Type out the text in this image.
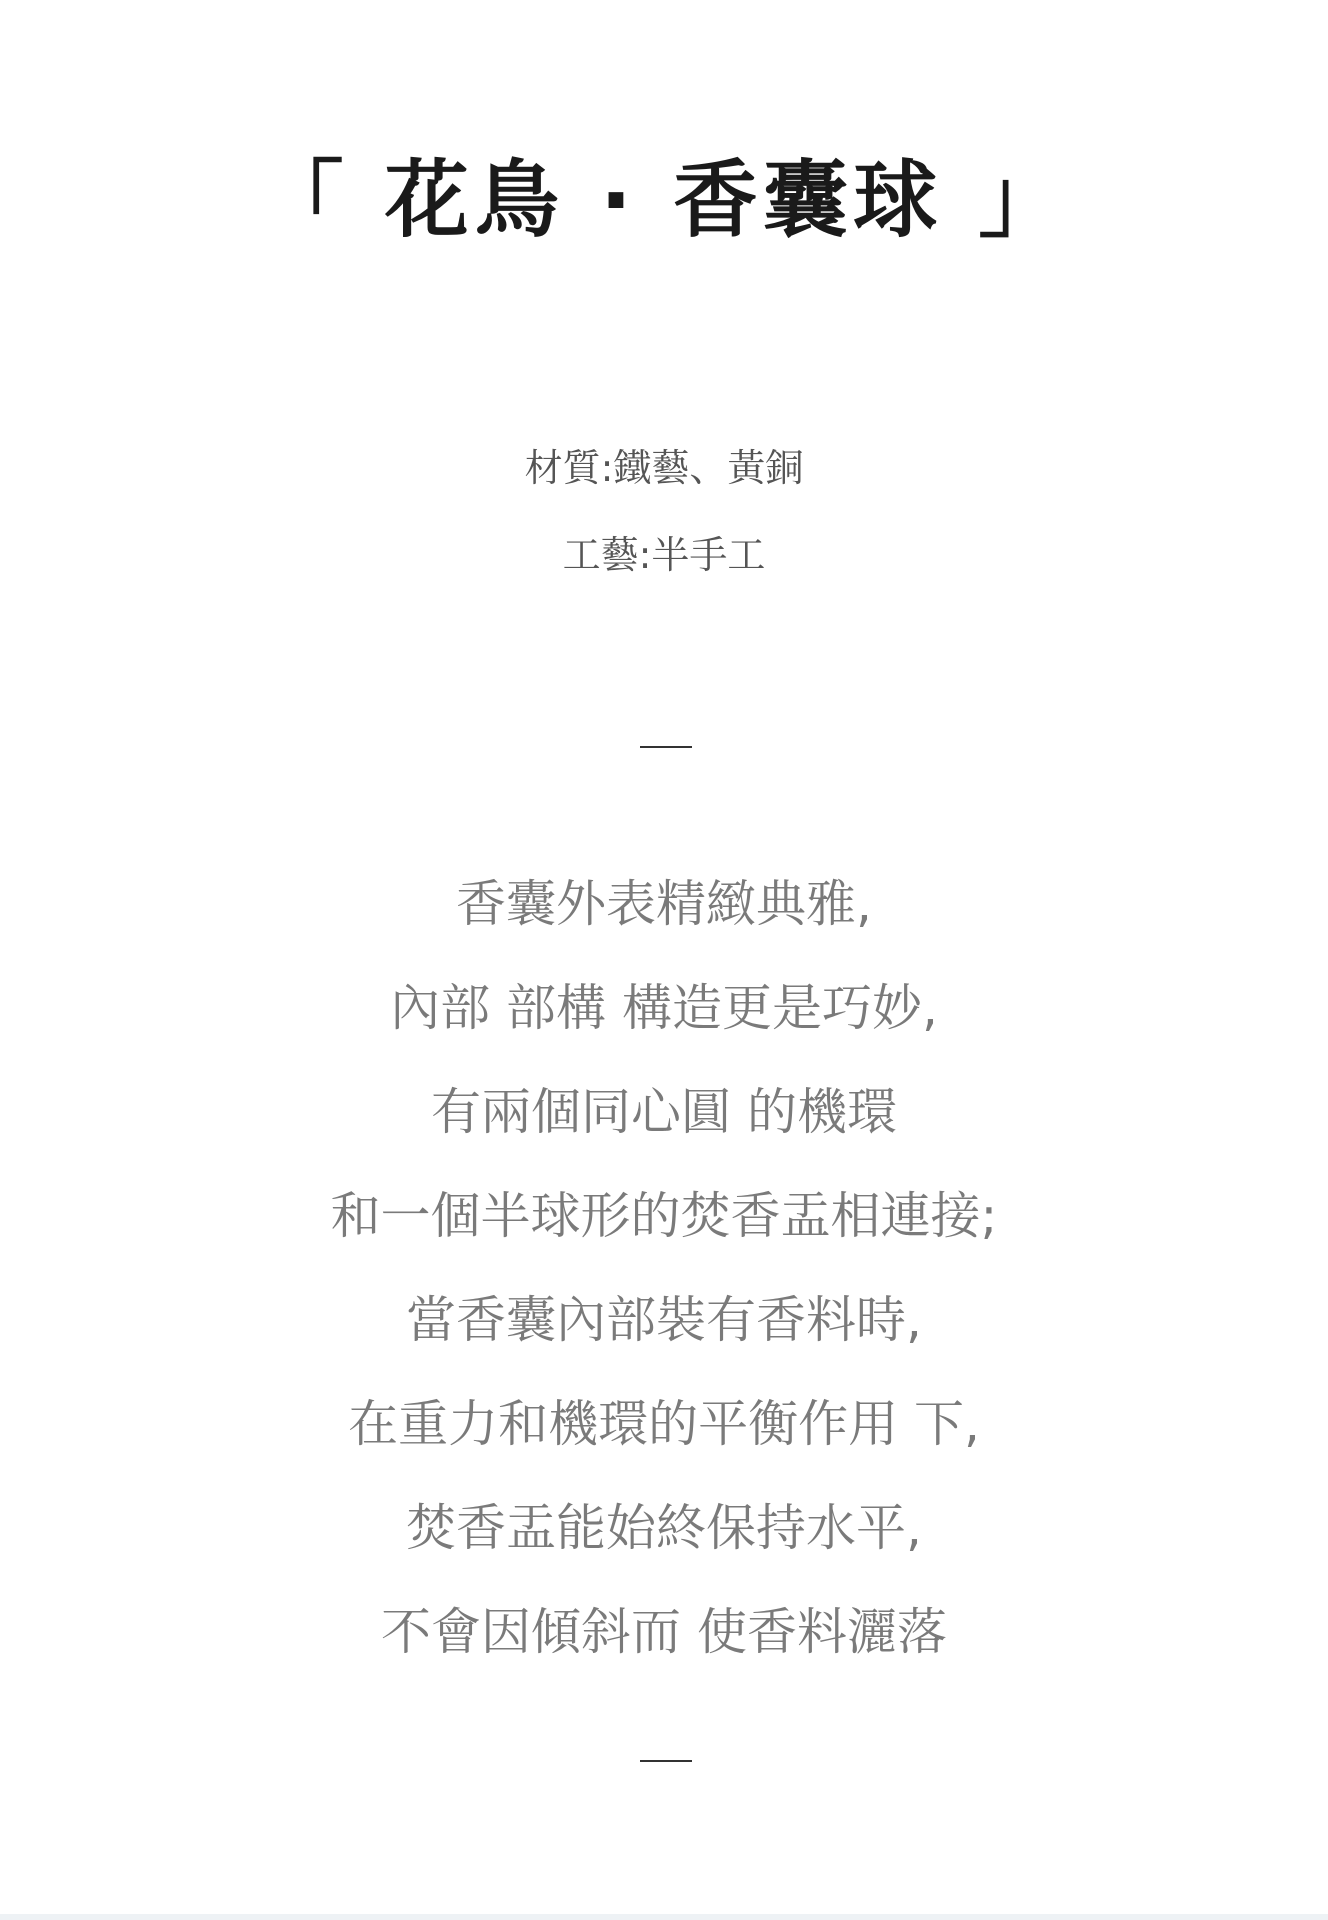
「 花鳥 · 香囊球 」
材質:鐵藝、黃銅
工藝:半手工
香囊外表精緻典雅,
內部 部構 構造更是巧妙,
有兩個同心圓 的機環
和一個半球形的焚香盂相連接;
當香囊內部裝有香料時,
在重力和機環的平衡作用 下,
焚香盂能始終保持水平,
不會因傾斜而 使香料灑落
